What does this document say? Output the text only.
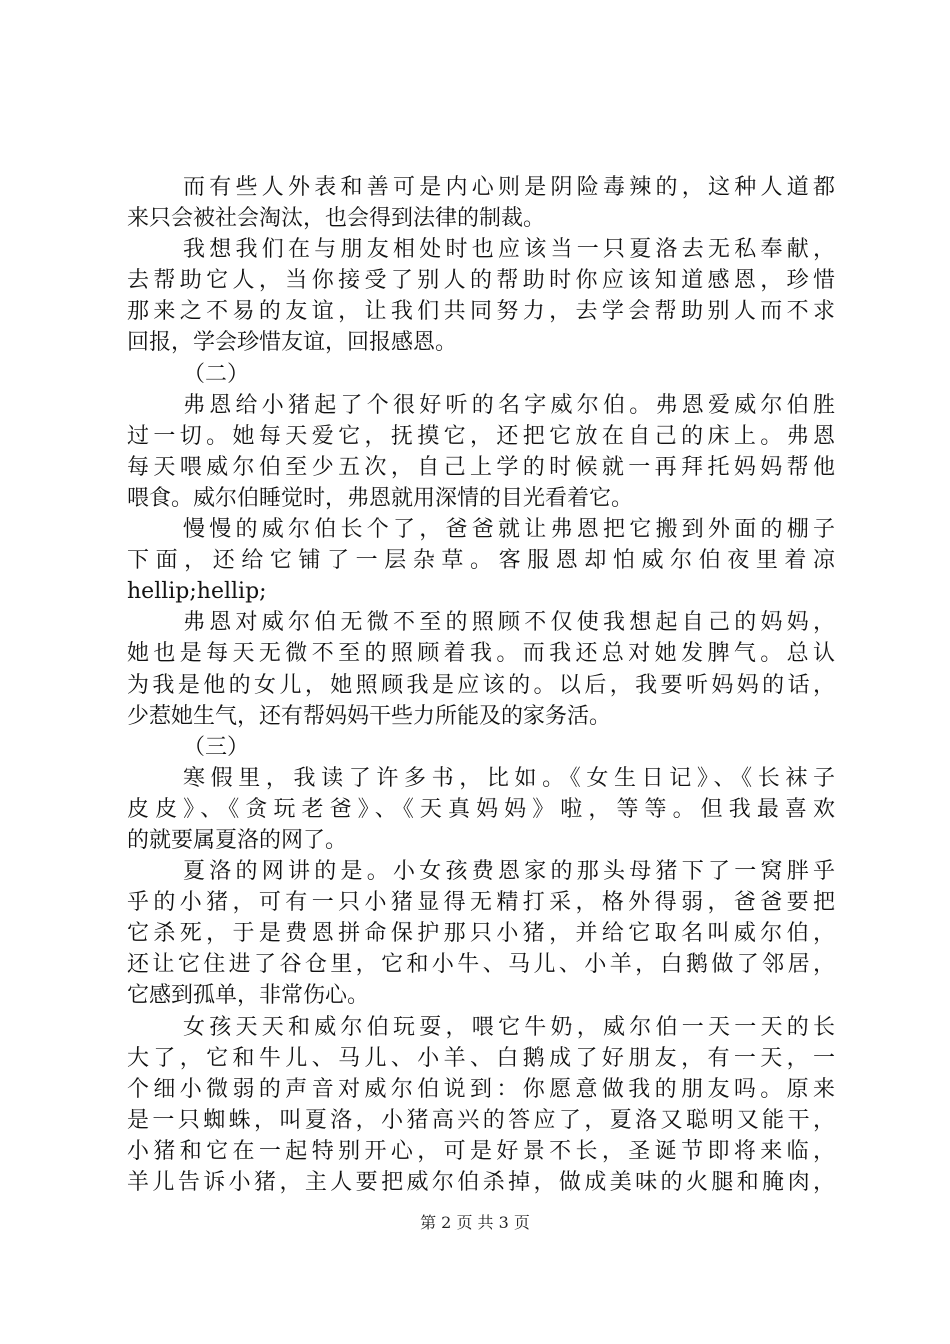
而有些人外表和善可是内心则是阴险毒辣的，这种人道都
来只会被社会淘汰，也会得到法律的制裁。
我想我们在与朋友相处时也应该当一只夏洛去无私奉献，
去帮助它人，当你接受了别人的帮助时你应该知道感恩，珍惜
那来之不易的友谊，让我们共同努力，去学会帮助别人而不求
回报，学会珍惜友谊，回报感恩。
（二）
弗恩给小猪起了个很好听的名字威尔伯。弗恩爱威尔伯胜
过一切。她每天爱它，抚摸它，还把它放在自己的床上。弗恩
每天喂威尔伯至少五次，自己上学的时候就一再拜托妈妈帮他
喂食。威尔伯睡觉时，弗恩就用深情的目光看着它。
慢慢的威尔伯长个了，爸爸就让弗恩把它搬到外面的棚子
下面，还给它铺了一层杂草。客服恩却怕威尔伯夜里着凉
hellip;hellip;
弗恩对威尔伯无微不至的照顾不仅使我想起自己的妈妈，
她也是每天无微不至的照顾着我。而我还总对她发脾气。总认
为我是他的女儿，她照顾我是应该的。以后，我要听妈妈的话，
少惹她生气，还有帮妈妈干些力所能及的家务活。
（三）
寒假里，我读了许多书，比如。《女生日记》、《长袜子
皮皮》、《贪玩老爸》、《天真妈妈》啦，等等。但我最喜欢
的就要属夏洛的网了。
夏洛的网讲的是。小女孩费恩家的那头母猪下了一窝胖乎
乎的小猪，可有一只小猪显得无精打采，格外得弱，爸爸要把
它杀死，于是费恩拼命保护那只小猪，并给它取名叫威尔伯，
还让它住进了谷仓里，它和小牛、马儿、小羊，白鹅做了邻居，
它感到孤单，非常伤心。
女孩天天和威尔伯玩耍，喂它牛奶，威尔伯一天一天的长
大了，它和牛儿、马儿、小羊、白鹅成了好朋友，有一天，一
个细小微弱的声音对威尔伯说到：你愿意做我的朋友吗。原来
是一只蜘蛛，叫夏洛，小猪高兴的答应了，夏洛又聪明又能干，
小猪和它在一起特别开心，可是好景不长，圣诞节即将来临，
羊儿告诉小猪，主人要把威尔伯杀掉，做成美味的火腿和腌肉，
第 2 页 共 3 页
